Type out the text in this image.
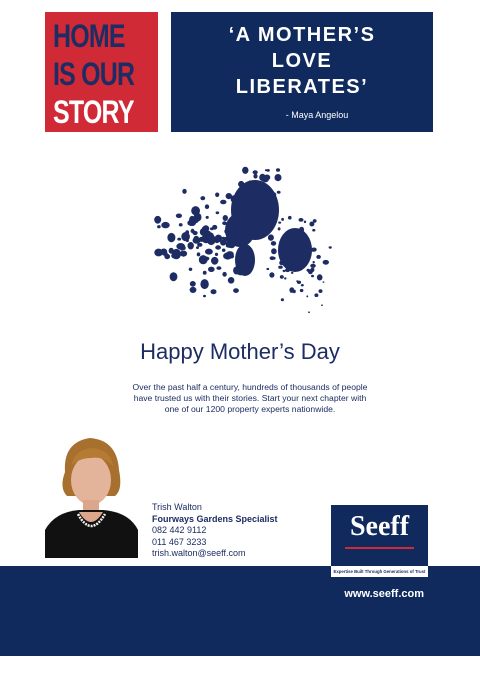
HOME
IS OUR
STORY
‘A MOTHER’S
LOVE
LIBERATES’
- Maya Angelou
Happy Mother’s Day
Over the past half a century, hundreds of thousands of people
have trusted us with their stories. Start your next chapter with
one of our 1200 property experts nationwide.
Trish Walton
Fourways Gardens Specialist
082 442 9112
011 467 3233
trish.walton@seeff.com
Seeff
Expertise Built Through Generations of Trust
www.seeff.com
